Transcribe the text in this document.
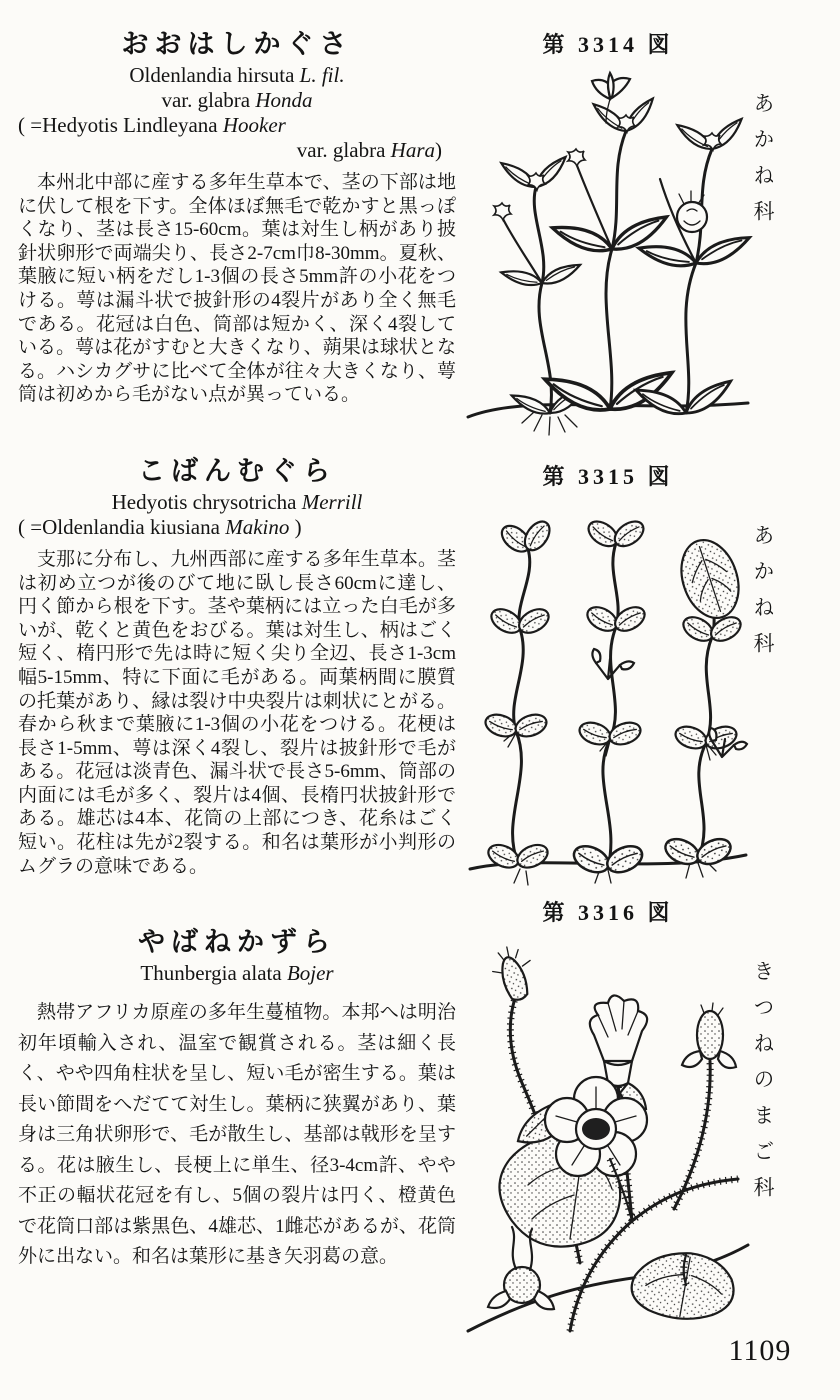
おおはしかぐさ
Oldenlandia hirsuta L. fil.
var. glabra Honda
( =Hedyotis Lindleyana Hooker
var. glabra Hara)

本州北中部に産する多年生草本で、茎の下部は地に伏して根を下す。全体ほぼ無毛で乾かすと黒っぽくなり、茎は長さ15-60cm。葉は対生し柄があり披針状卵形で両端尖り、長さ2-7cm巾8-30mm。夏秋、葉腋に短い柄をだし1-3個の長さ5mm許の小花をつける。萼は漏斗状で披針形の4裂片があり全く無毛である。花冠は白色、筒部は短かく、深く4裂している。萼は花がすむと大きくなり、蒴果は球状となる。ハシカグサに比べて全体が往々大きくなり、萼筒は初めから毛がない点が異っている。

こばんむぐら
Hedyotis chrysotricha Merrill
( =Oldenlandia kiusiana Makino )

支那に分布し、九州西部に産する多年生草本。茎は初め立つが後のびて地に臥し長さ60cmに達し、円く節から根を下す。茎や葉柄には立った白毛が多いが、乾くと黄色をおびる。葉は対生し、柄はごく短く、楕円形で先は時に短く尖り全辺、長さ1-3cm幅5-15mm、特に下面に毛がある。両葉柄間に膜質の托葉があり、縁は裂け中央裂片は刺状にとがる。春から秋まで葉腋に1-3個の小花をつける。花梗は長さ1-5mm、萼は深く4裂し、裂片は披針形で毛がある。花冠は淡青色、漏斗状で長さ5-6mm、筒部の内面には毛が多く、裂片は4個、長楕円状披針形である。雄芯は4本、花筒の上部につき、花糸はごく短い。花柱は先が2裂する。和名は葉形が小判形のムグラの意味である。

やばねかずら
Thunbergia alata Bojer

熱帯アフリカ原産の多年生蔓植物。本邦へは明治初年頃輸入され、温室で観賞される。茎は細く長く、やや四角柱状を呈し、短い毛が密生する。葉は長い節間をへだてて対生し。葉柄に狭翼があり、葉身は三角状卵形で、毛が散生し、基部は戟形を呈する。花は腋生し、長梗上に単生、径3-4cm許、やや不正の輻状花冠を有し、5個の裂片は円く、橙黄色で花筒口部は紫黒色、4雄芯、1雌芯があるが、花筒外に出ない。和名は葉形に基き矢羽葛の意。

第 3314 図
あかね科
第 3315 図
あかね科
第 3316 図
きつねのまご科
1109
